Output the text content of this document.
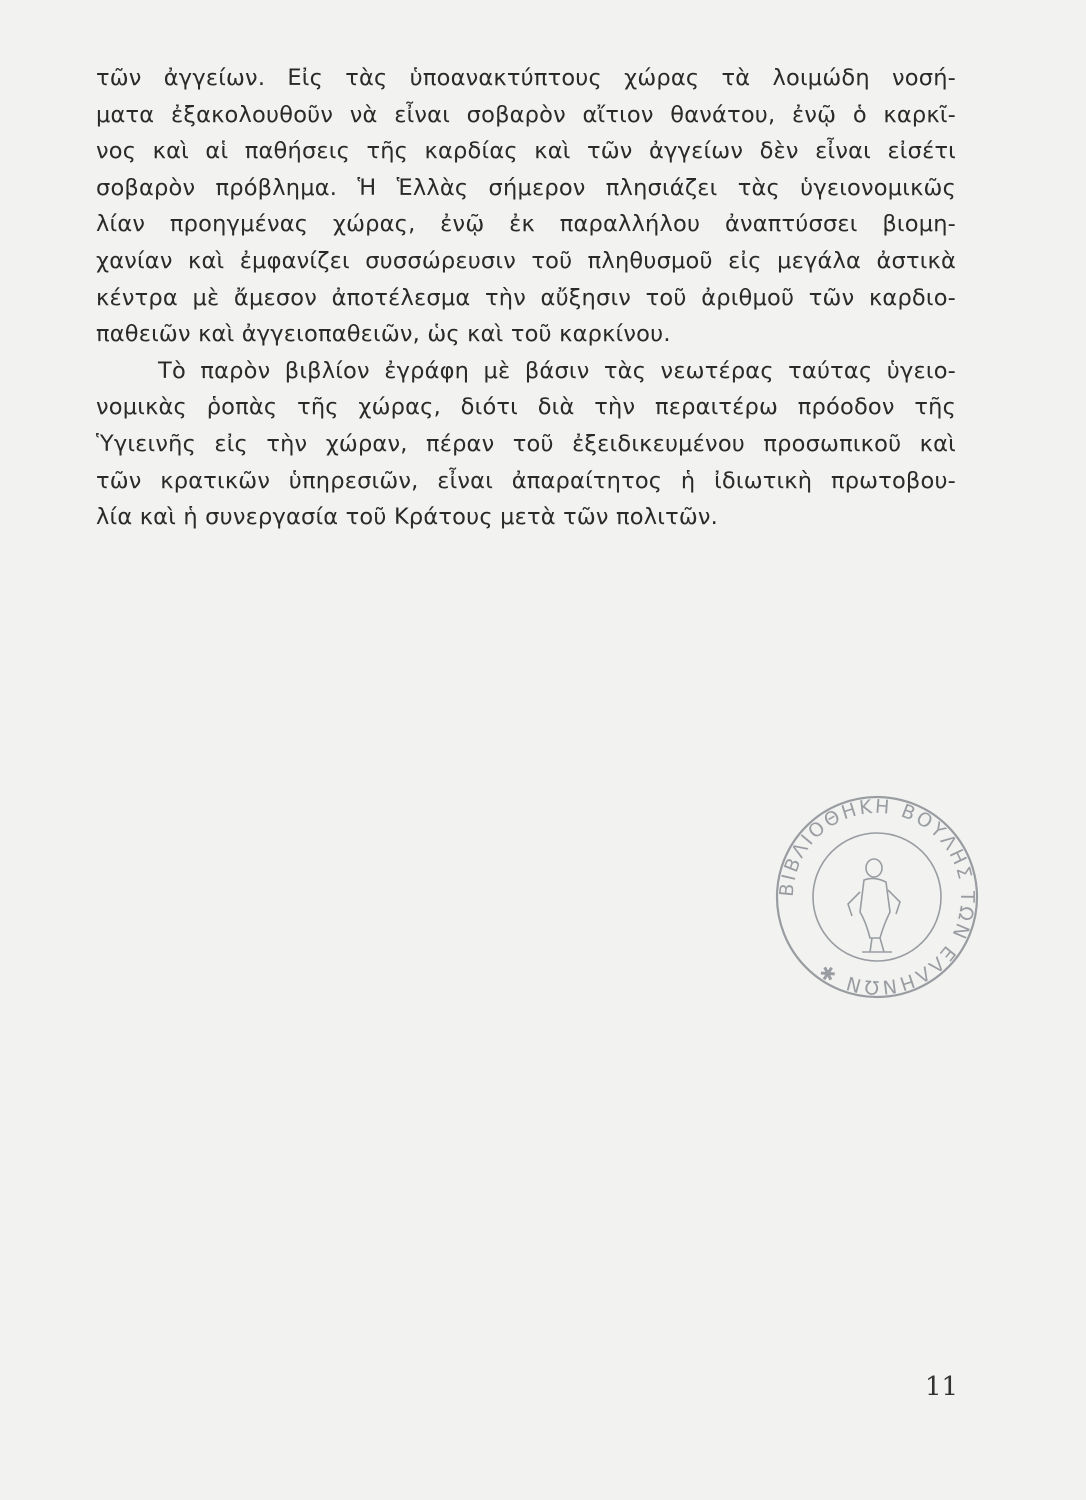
τῶν ἀγγείων. Εἰς τὰς ὑποανακτύπτους χώρας τὰ λοιμώδη νοσή-
ματα ἐξακολουθοῦν νὰ εἶναι σοβαρὸν αἴτιον θανάτου, ἐνῷ ὁ καρκῖ-
νος καὶ αἱ παθήσεις τῆς καρδίας καὶ τῶν ἀγγείων δὲν εἶναι εἰσέτι
σοβαρὸν πρόβλημα. Ἡ Ἑλλὰς σήμερον πλησιάζει τὰς ὑγειονομικῶς
λίαν προηγμένας χώρας, ἐνῷ ἐκ παραλλήλου ἀναπτύσσει βιομη-
χανίαν καὶ ἐμφανίζει συσσώρευσιν τοῦ πληθυσμοῦ εἰς μεγάλα ἀστικὰ
κέντρα μὲ ἄμεσον ἀποτέλεσμα τὴν αὔξησιν τοῦ ἀριθμοῦ τῶν καρδιο-
παθειῶν καὶ ἀγγειοπαθειῶν, ὡς καὶ τοῦ καρκίνου.
Τὸ παρὸν βιβλίον ἐγράφη μὲ βάσιν τὰς νεωτέρας ταύτας ὑγειο-
νομικὰς ῥοπὰς τῆς χώρας, διότι διὰ τὴν περαιτέρω πρόοδον τῆς
Ὑγιεινῆς εἰς τὴν χώραν, πέραν τοῦ ἐξειδικευμένου προσωπικοῦ καὶ
τῶν κρατικῶν ὑπηρεσιῶν, εἶναι ἀπαραίτητος ἡ ἰδιωτικὴ πρωτοβου-
λία καὶ ἡ συνεργασία τοῦ Κράτους μετὰ τῶν πολιτῶν.
ΒΙΒΛΙΟΘΗΚΗ ΒΟΥΛΗΣ ΤΩΝ ΕΛΛΗΝΩΝ ✱
11
